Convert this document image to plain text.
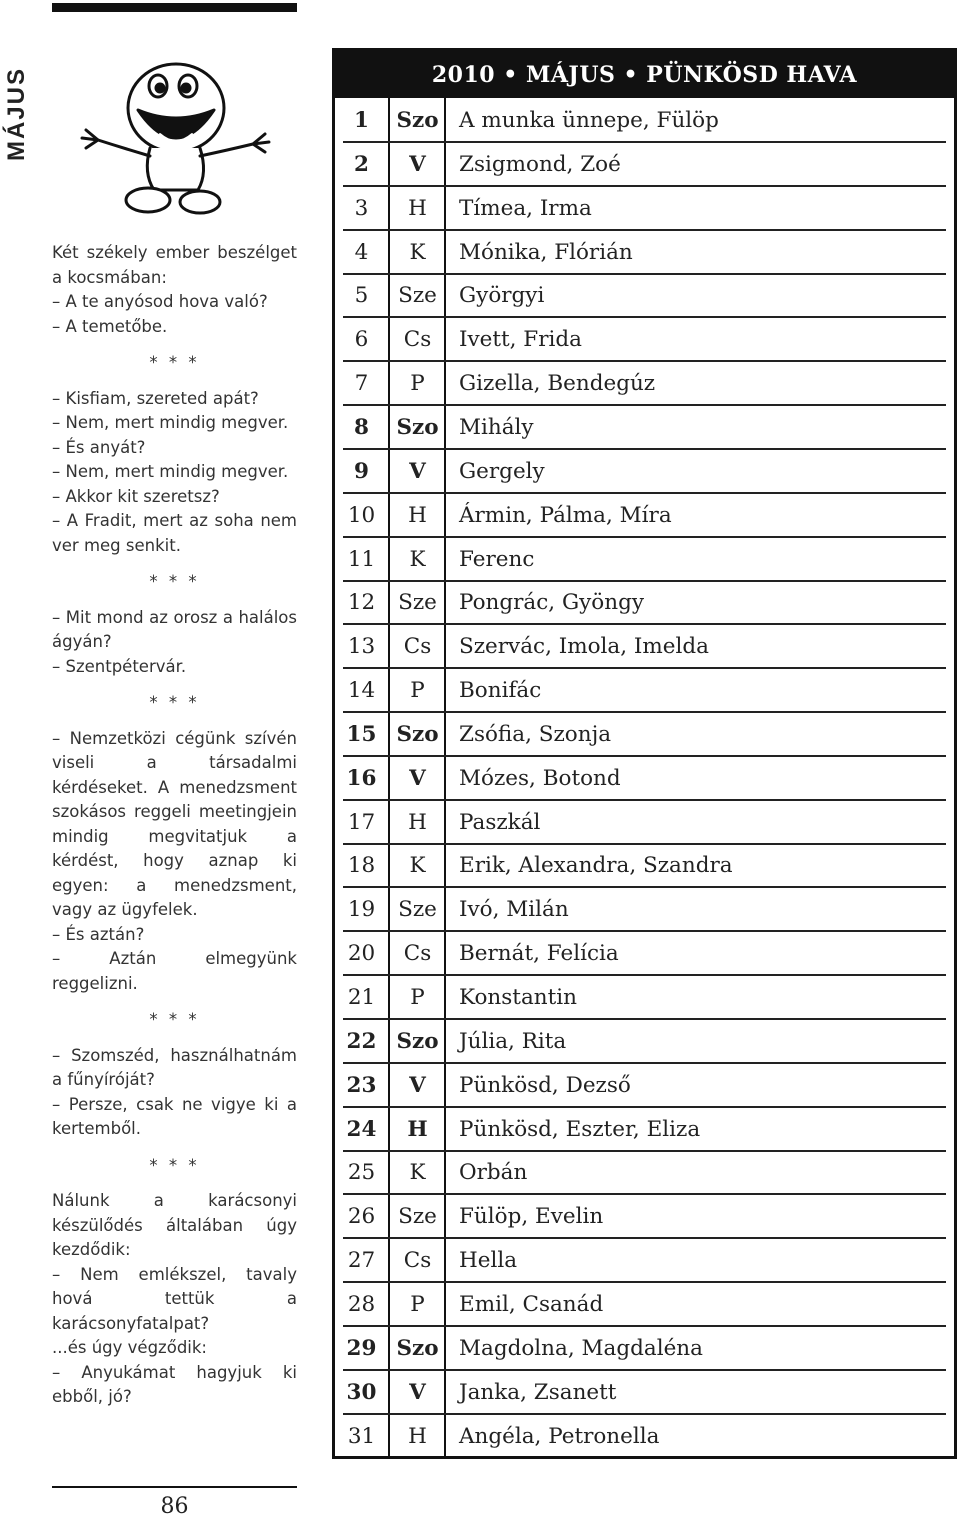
MÁJUS

Két székely ember beszélget a kocsmában:

– A te anyósod hova való?

– A temetőbe.

* * *

– Kisfiam, szereted apát?

– Nem, mert mindig megver.

– És anyát?

– Nem, mert mindig megver.

– Akkor kit szeretsz?

– A Fradit, mert az soha nem ver meg senkit.

* * *

– Mit mond az orosz a halálos ágyán?

– Szentpétervár.

* * *

– Nemzetközi cégünk szívén viseli a társadalmi kérdéseket. A menedzsment szokásos reggeli meetingjein mindig megvitatjuk a kérdést, hogy aznap ki egyen: a menedzsment, vagy az ügyfelek.

– És aztán?

– Aztán elmegyünk reggelizni.

* * *

– Szomszéd, használhatnám a fűnyíróját?

– Persze, csak ne vigye ki a kertemből.

* * *

Nálunk a karácsonyi készülődés általában úgy kezdődik:

– Nem emlékszel, tavaly hová tettük a karácsonyfatalpat?

...és úgy végződik:

– Anyukámat hagyjuk ki ebből, jó?

86
2010 • MÁJUS • PÜNKÖSD HAVA
1	Szo A munka ünnepe, Fülöp
2	V	Zsigmond, Zoé
3	H	Tímea, Irma
4	K	Mónika, Flórián
5	Sze	Györgyi
6	Cs	Ivett, Frida
7	P	Gizella, Bendegúz
8	Szo Mihály
9	V	Gergely
10	H	Ármin, Pálma, Míra
11	K	Ferenc
12	Sze	Pongrác, Gyöngy
13	Cs	Szervác, Imola, Imelda
14	P	Bonifác
15 Szo Zsófia, Szonja
16	V	Mózes, Botond
17	H	Paszkál
18	K	Erik, Alexandra, Szandra
19	Sze	Ivó, Milán
20	Cs	Bernát, Felícia
21	P	Konstantin
22 Szo Júlia, Rita
23	V	Pünkösd, Dezső
24	H	Pünkösd, Eszter, Eliza
25	K	Orbán
26	Sze	Fülöp, Evelin
27	Cs	Hella
28	P	Emil, Csanád
29 Szo Magdolna, Magdaléna
30	V	Janka, Zsanett
31	H	Angéla, Petronella
